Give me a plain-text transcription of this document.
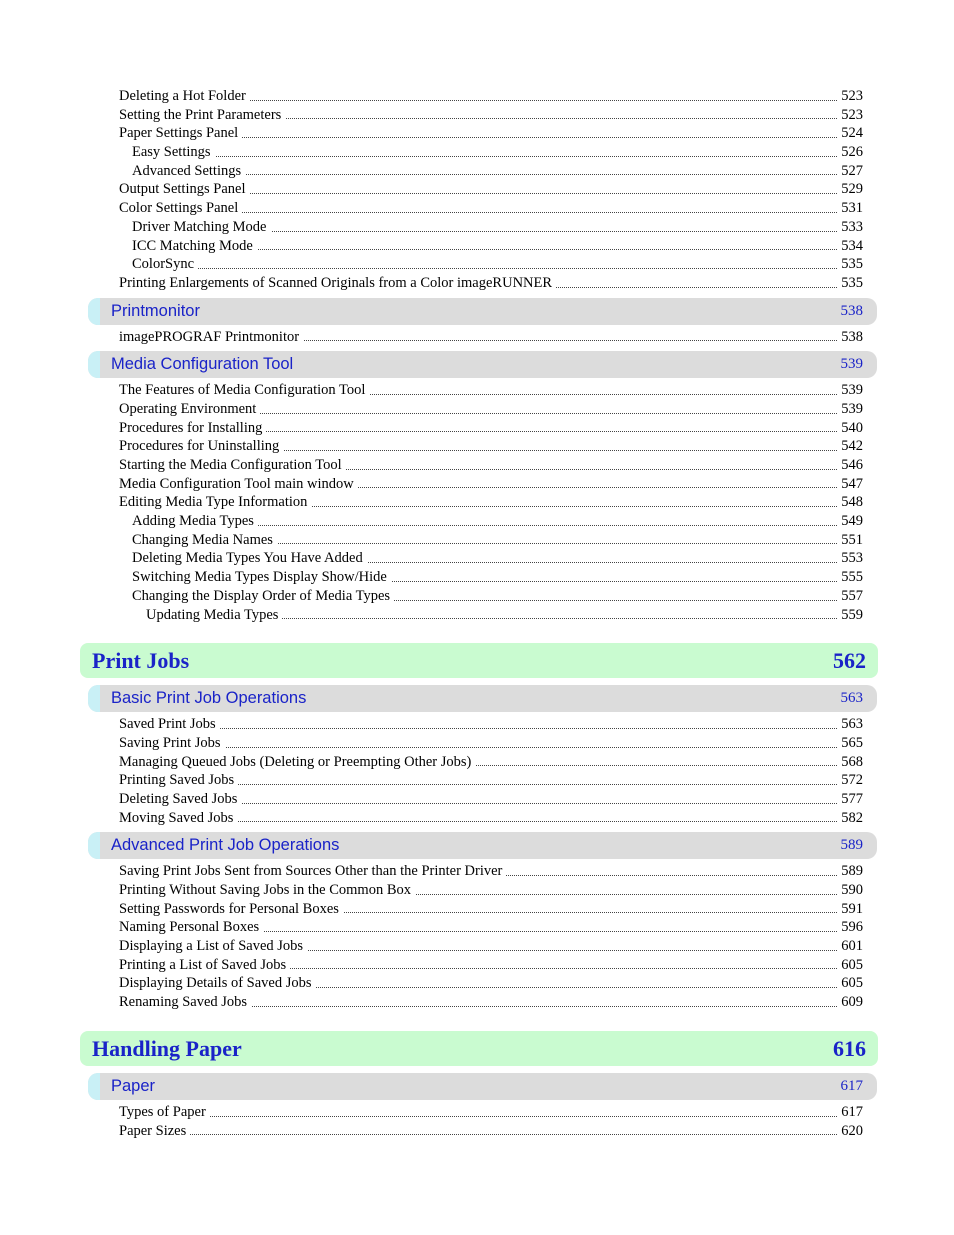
Deleting a Hot Folder	523
Setting the Print Parameters	523
Paper Settings Panel	524
Easy Settings	526
Advanced Settings	527
Output Settings Panel	529
Color Settings Panel	531
Driver Matching Mode	533
ICC Matching Mode	534
ColorSync	535
Printing Enlargements of Scanned Originals from a Color imageRUNNER	535
Printmonitor	538
imagePROGRAF Printmonitor	538
Media Configuration Tool	539
The Features of Media Configuration Tool	539
Operating Environment	539
Procedures for Installing	540
Procedures for Uninstalling	542
Starting the Media Configuration Tool	546
Media Configuration Tool main window	547
Editing Media Type Information	548
Adding Media Types	549
Changing Media Names	551
Deleting Media Types You Have Added	553
Switching Media Types Display Show/Hide	555
Changing the Display Order of Media Types	557
Updating Media Types	559
Print Jobs	562
Basic Print Job Operations	563
Saved Print Jobs	563
Saving Print Jobs	565
Managing Queued Jobs (Deleting or Preempting Other Jobs)	568
Printing Saved Jobs	572
Deleting Saved Jobs	577
Moving Saved Jobs	582
Advanced Print Job Operations	589
Saving Print Jobs Sent from Sources Other than the Printer Driver	589
Printing Without Saving Jobs in the Common Box	590
Setting Passwords for Personal Boxes	591
Naming Personal Boxes	596
Displaying a List of Saved Jobs	601
Printing a List of Saved Jobs	605
Displaying Details of Saved Jobs	605
Renaming Saved Jobs	609
Handling Paper	616
Paper	617
Types of Paper	617
Paper Sizes	620
